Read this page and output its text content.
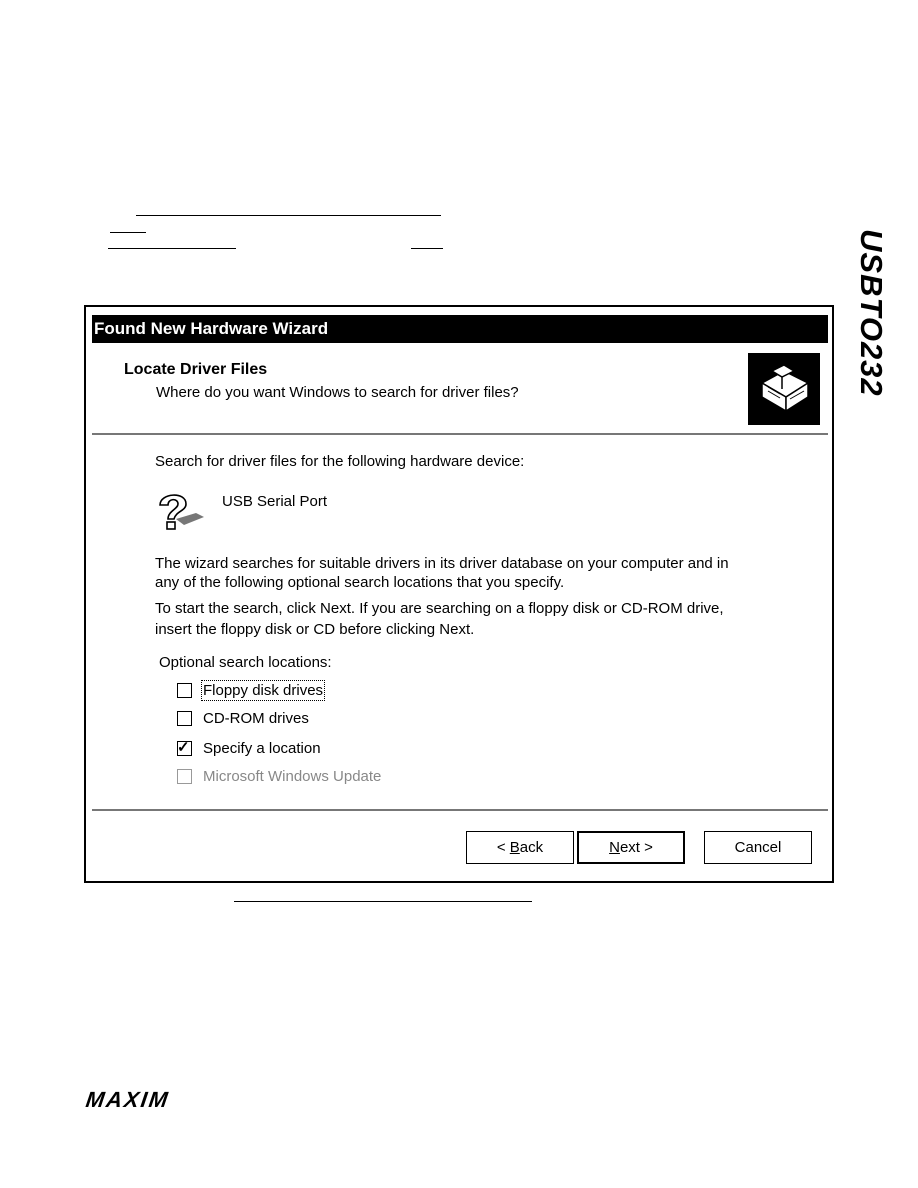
USBTO232
Found New Hardware Wizard
Locate Driver Files
Where do you want Windows to search for driver files?
Search for driver files for the following hardware device:
USB Serial Port
The wizard searches for suitable drivers in its driver database on your computer and in
any of the following optional search locations that you specify.
To start the search, click Next. If you are searching on a floppy disk or CD-ROM drive,
insert the floppy disk or CD before clicking Next.
Optional search locations:
Floppy disk drives
CD-ROM drives
✓ Specify a location
Microsoft Windows Update
< B ack	N ext >	Cancel
MAXIM
